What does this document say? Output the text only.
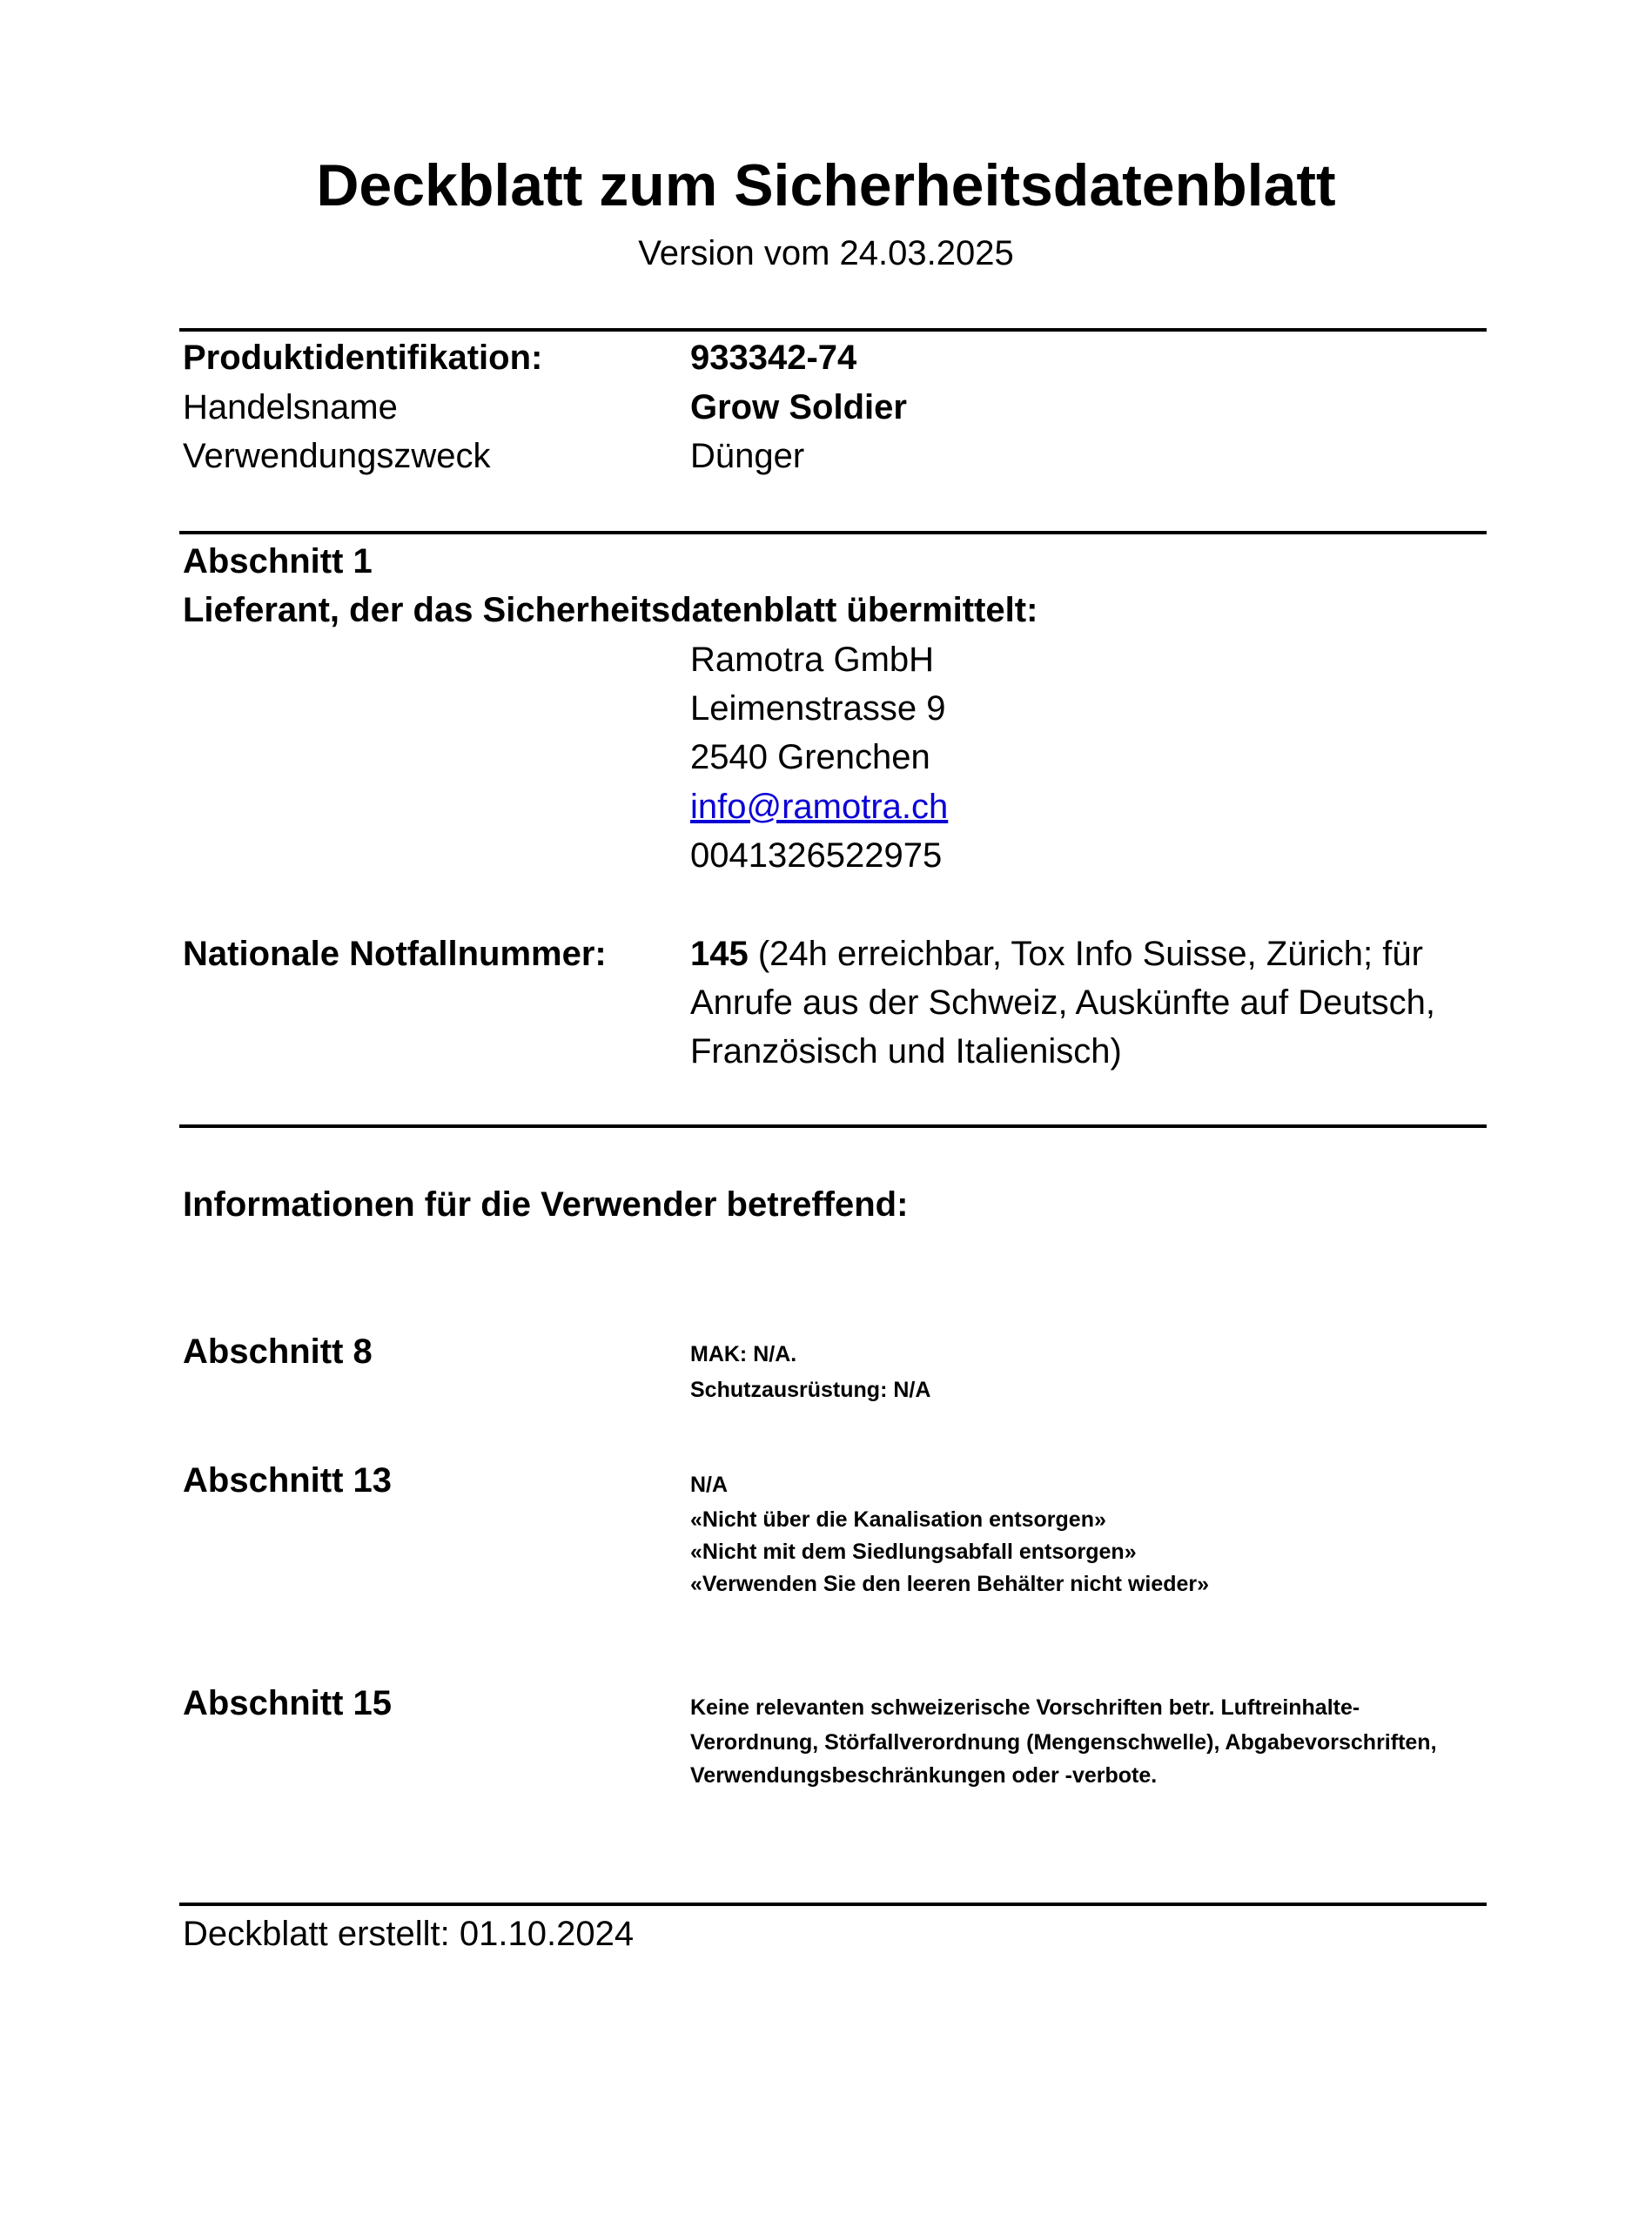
Deckblatt zum Sicherheitsdatenblatt
Version vom 24.03.2025
Produktidentifikation:	933342-74
Handelsname	Grow Soldier
Verwendungszweck	Dünger
Abschnitt 1
Lieferant, der das Sicherheitsdatenblatt übermittelt:
Ramotra GmbH
Leimenstrasse 9
2540 Grenchen
info@ramotra.ch
0041326522975
Nationale Notfallnummer: 145 (24h erreichbar, Tox Info Suisse, Zürich; für
Anrufe aus der Schweiz, Auskünfte auf Deutsch,
Französisch und Italienisch)
Informationen für die Verwender betreffend:
Abschnitt 8	MAK: N/A.
Schutzausrüstung: N/A
Abschnitt 13	N/A
«Nicht über die Kanalisation entsorgen»
«Nicht mit dem Siedlungsabfall entsorgen»
«Verwenden Sie den leeren Behälter nicht wieder»
Abschnitt 15	Keine relevanten schweizerische Vorschriften betr. Luftreinhalte-
Verordnung, Störfallverordnung (Mengenschwelle), Abgabevorschriften,
Verwendungsbeschränkungen oder -verbote.
Deckblatt erstellt: 01.10.2024
